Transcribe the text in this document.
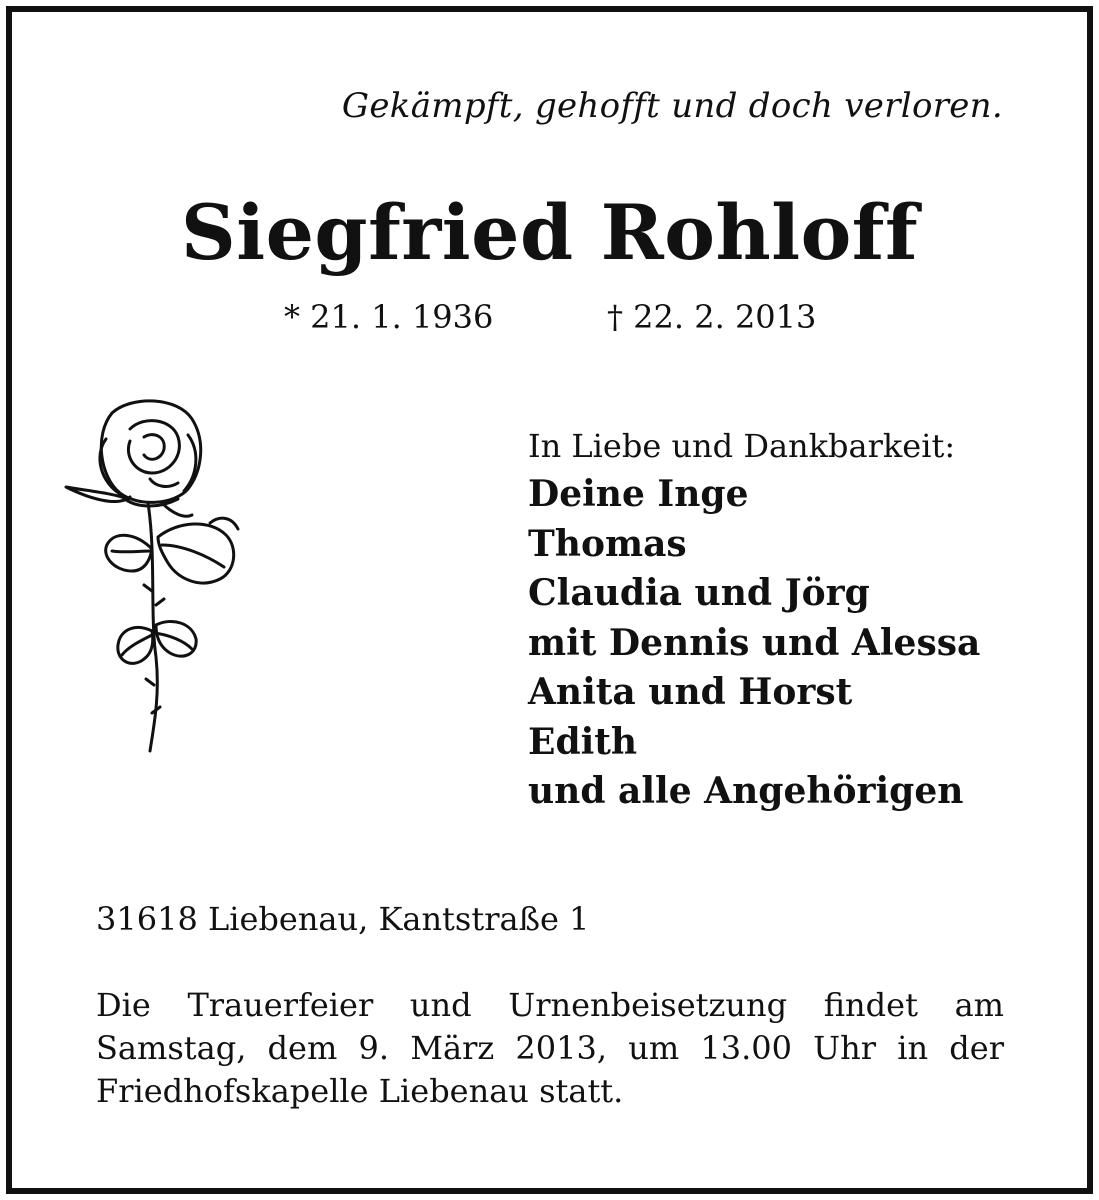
Gekämpft, gehofft und doch verloren.
Siegfried Rohloff
* 21. 1. 1936	† 22. 2. 2013
In Liebe und Dankbarkeit:
Deine Inge
Thomas
Claudia und Jörg
mit Dennis und Alessa
Anita und Horst
Edith
und alle Angehörigen
31618 Liebenau, Kantstraße 1
Die Trauerfeier und Urnenbeisetzung findet am
Samstag, dem 9. März 2013, um 13.00 Uhr in der
Friedhofskapelle Liebenau statt.
